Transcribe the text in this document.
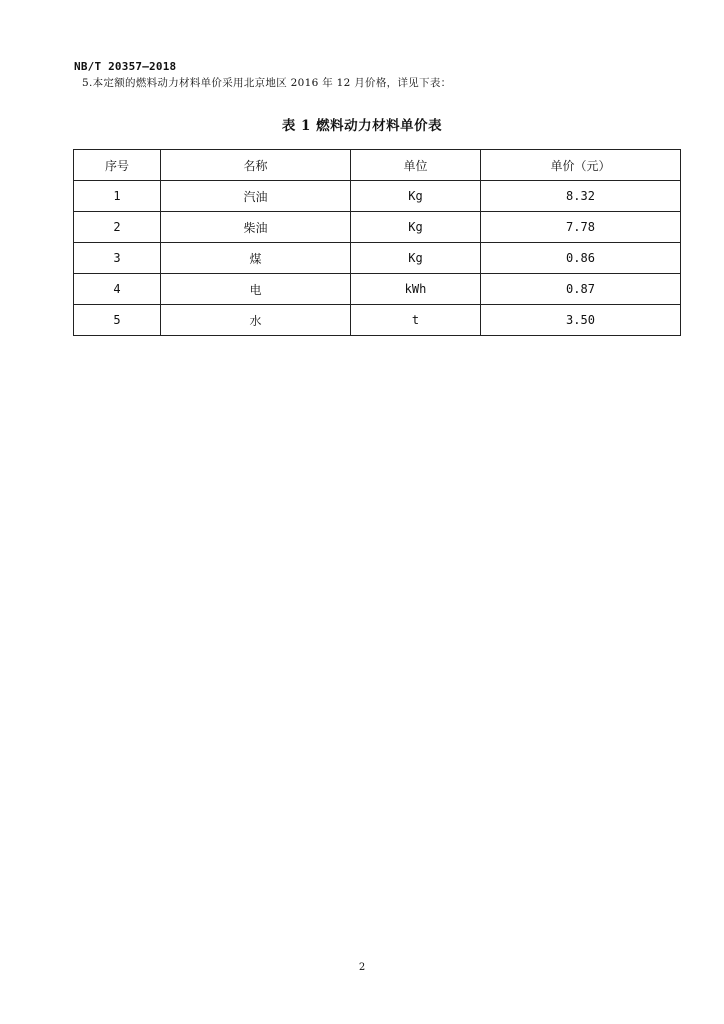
NB/T 20357—2018
5.本定额的燃料动力材料单价采用北京地区 2016 年 12 月价格，详见下表：
表 1 燃料动力材料单价表
序号	名称	单位	单价（元）
1	汽油	Kg	8.32
2	柴油	Kg	7.78
3	煤	Kg	0.86
4	电	kWh	0.87
5	水	t	3.50
2
